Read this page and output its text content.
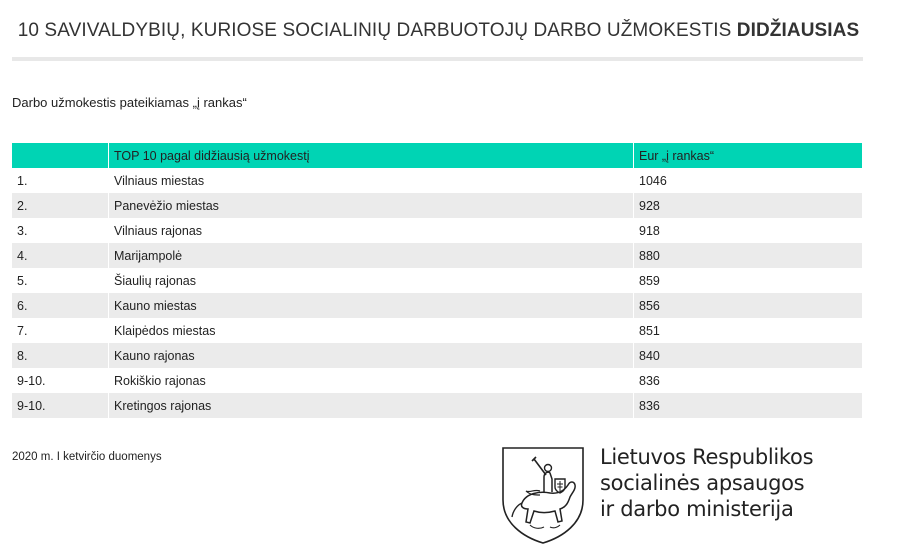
10 SAVIVALDYBIŲ, KURIOSE SOCIALINIŲ DARBUOTOJŲ DARBO UŽMOKESTIS DIDŽIAUSIAS
Darbo užmokestis pateikiamas „į rankas“
	TOP 10 pagal didžiausią užmokestį	Eur „į rankas“
1.	Vilniaus miestas	1046
2.	Panevėžio miestas	928
3.	Vilniaus rajonas	918
4.	Marijampolė	880
5.	Šiaulių rajonas	859
6.	Kauno miestas	856
7.	Klaipėdos miestas	851
8.	Kauno rajonas	840
9-10.	Rokiškio rajonas	836
9-10.	Kretingos rajonas	836
2020 m. I ketvirčio duomenys	Lietuvos Respublikos
socialinės apsaugos
ir darbo ministerija
